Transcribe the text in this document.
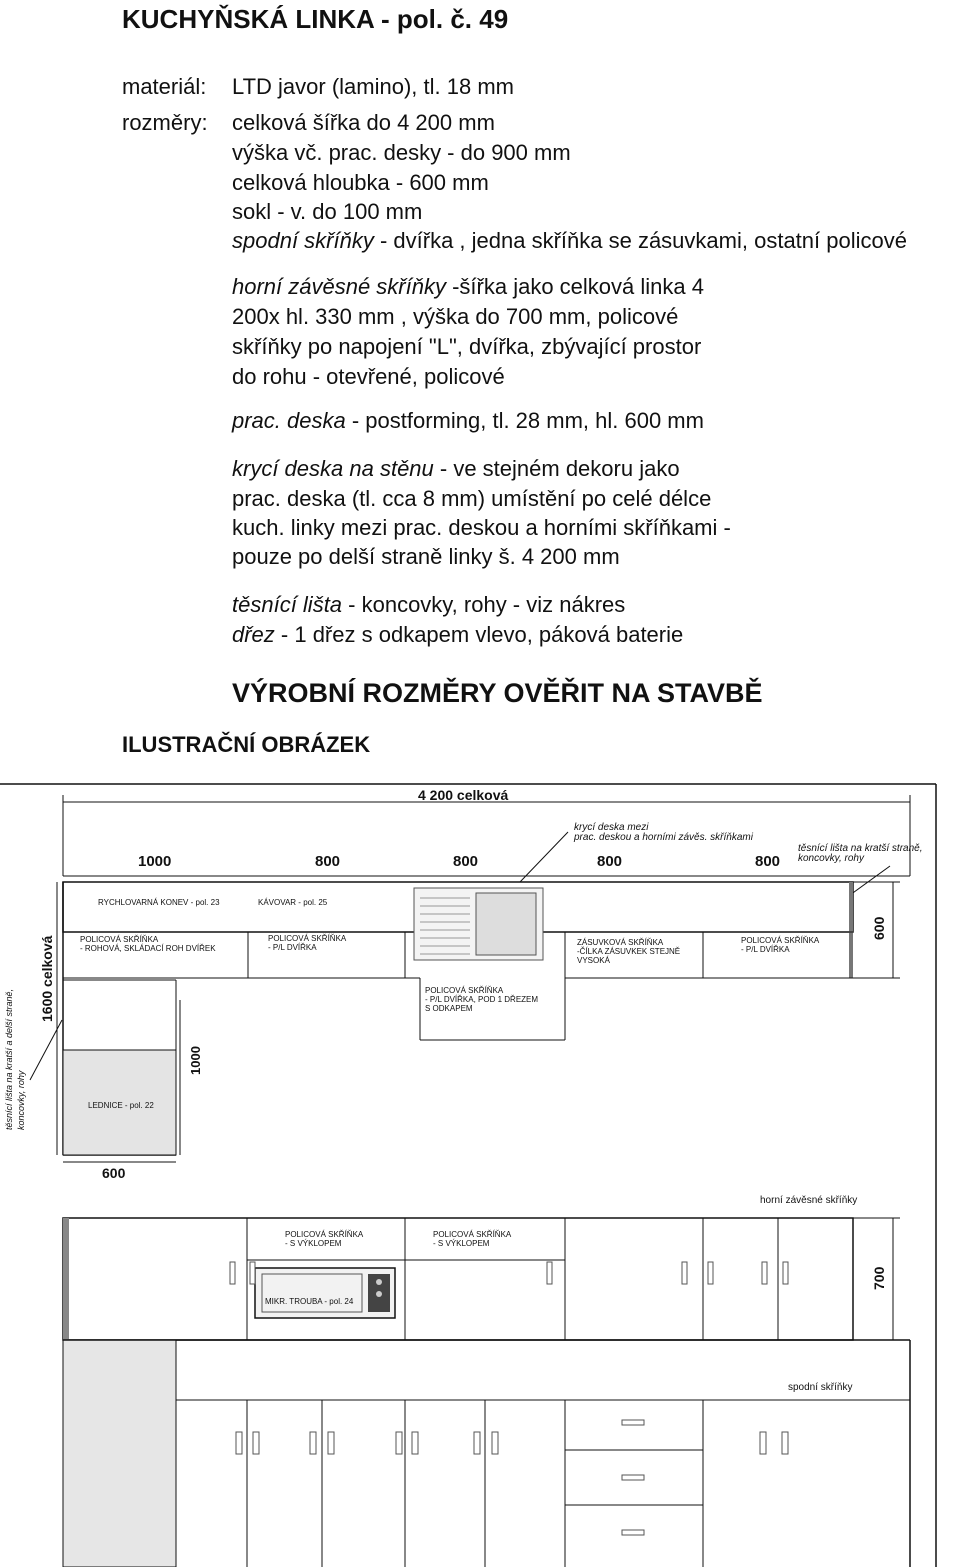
KUCHYŇSKÁ LINKA - pol. č. 49
materiál: LTD javor (lamino), tl. 18 mm
rozměry: celková šířka do 4 200 mm
výška vč. prac. desky - do 900 mm
celková hloubka - 600 mm
sokl - v. do 100 mm
spodní skříňky - dvířka , jedna skříňka se zásuvkami, ostatní policové
horní závěsné skříňky -šířka jako celková linka 4
200x hl. 330 mm , výška do 700 mm, policové
skříňky po napojení "L", dvířka, zbývající prostor
do rohu - otevřené, policové
prac. deska - postforming, tl. 28 mm, hl. 600 mm
krycí deska na stěnu - ve stejném dekoru jako
prac. deska (tl. cca 8 mm) umístění po celé délce
kuch. linky mezi prac. deskou a horními skříňkami -
pouze po delší straně linky š. 4 200 mm
těsnící lišta - koncovky, rohy - viz nákres
dřez - 1 dřez s odkapem vlevo, páková baterie
VÝROBNÍ ROZMĚRY OVĚŘIT NA STAVBĚ
ILUSTRAČNÍ OBRÁZEK
4 200 celková
1000	800	800	800	800
krycí deska mezi
prac. deskou a horními závěs. skříňkami
těsnící lišta na kratší straně,
koncovky, rohy
RYCHLOVARNÁ KONEV - pol. 23	KÁVOVAR - pol. 25
LEDNICE - pol. 22
POLICOVÁ SKŘÍŇKA
- ROHOVÁ, SKLÁDACÍ ROH DVÍŘEK
POLICOVÁ SKŘÍŇKA
- P/L DVÍŘKA
POLICOVÁ SKŘÍŇKA
- P/L DVÍŘKA, POD 1 DŘEZEM
S ODKAPEM
ZÁSUVKOVÁ SKŘÍŇKA
-ČÍLKA ZÁSUVKEK STEJNĚ
VYSOKÁ
POLICOVÁ SKŘÍŇKA
- P/L DVÍŘKA
600
1600 celková
1000
těsnící lišta na kratší a delší straně, koncovky, rohy
600
horní závěsné skříňky
POLICOVÁ SKŘÍŇKA
- S VÝKLOPEM
POLICOVÁ SKŘÍŇKA
- S VÝKLOPEM
MIKR. TROUBA - pol. 24
700
spodní skříňky
